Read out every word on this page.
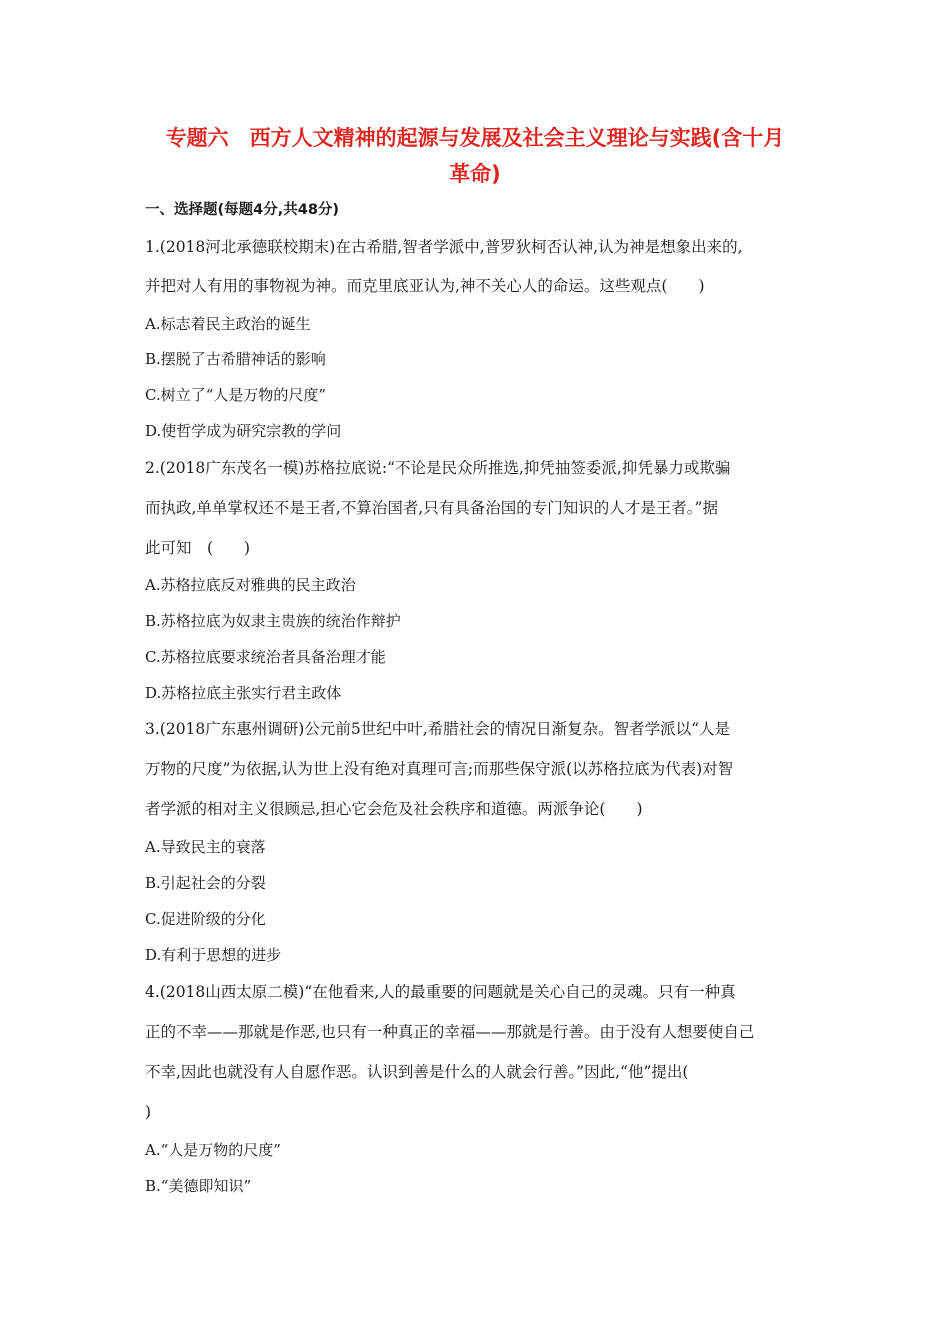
专题六　西方人文精神的起源与发展及社会主义理论与实践(含十月
革命)
一、选择题(每题4分,共48分)
1.(2018河北承德联校期末)在古希腊,智者学派中,普罗狄柯否认神,认为神是想象出来的,
并把对人有用的事物视为神。而克里底亚认为,神不关心人的命运。这些观点(　　)
A.标志着民主政治的诞生
B.摆脱了古希腊神话的影响
C.树立了“人是万物的尺度”
D.使哲学成为研究宗教的学问
2.(2018广东茂名一模)苏格拉底说:“不论是民众所推选,抑凭抽签委派,抑凭暴力或欺骗
而执政,单单掌权还不是王者,不算治国者,只有具备治国的专门知识的人才是王者。”据
此可知　(　　)
A.苏格拉底反对雅典的民主政治
B.苏格拉底为奴隶主贵族的统治作辩护
C.苏格拉底要求统治者具备治理才能
D.苏格拉底主张实行君主政体
3.(2018广东惠州调研)公元前5世纪中叶,希腊社会的情况日渐复杂。智者学派以“人是
万物的尺度”为依据,认为世上没有绝对真理可言;而那些保守派(以苏格拉底为代表)对智
者学派的相对主义很顾忌,担心它会危及社会秩序和道德。两派争论(　　)
A.导致民主的衰落
B.引起社会的分裂
C.促进阶级的分化
D.有利于思想的进步
4.(2018山西太原二模)“在他看来,人的最重要的问题就是关心自己的灵魂。只有一种真
正的不幸——那就是作恶,也只有一种真正的幸福——那就是行善。由于没有人想要使自己
不幸,因此也就没有人自愿作恶。认识到善是什么的人就会行善。”因此,“他”提出(
)
A.“人是万物的尺度”
B.“美德即知识”
